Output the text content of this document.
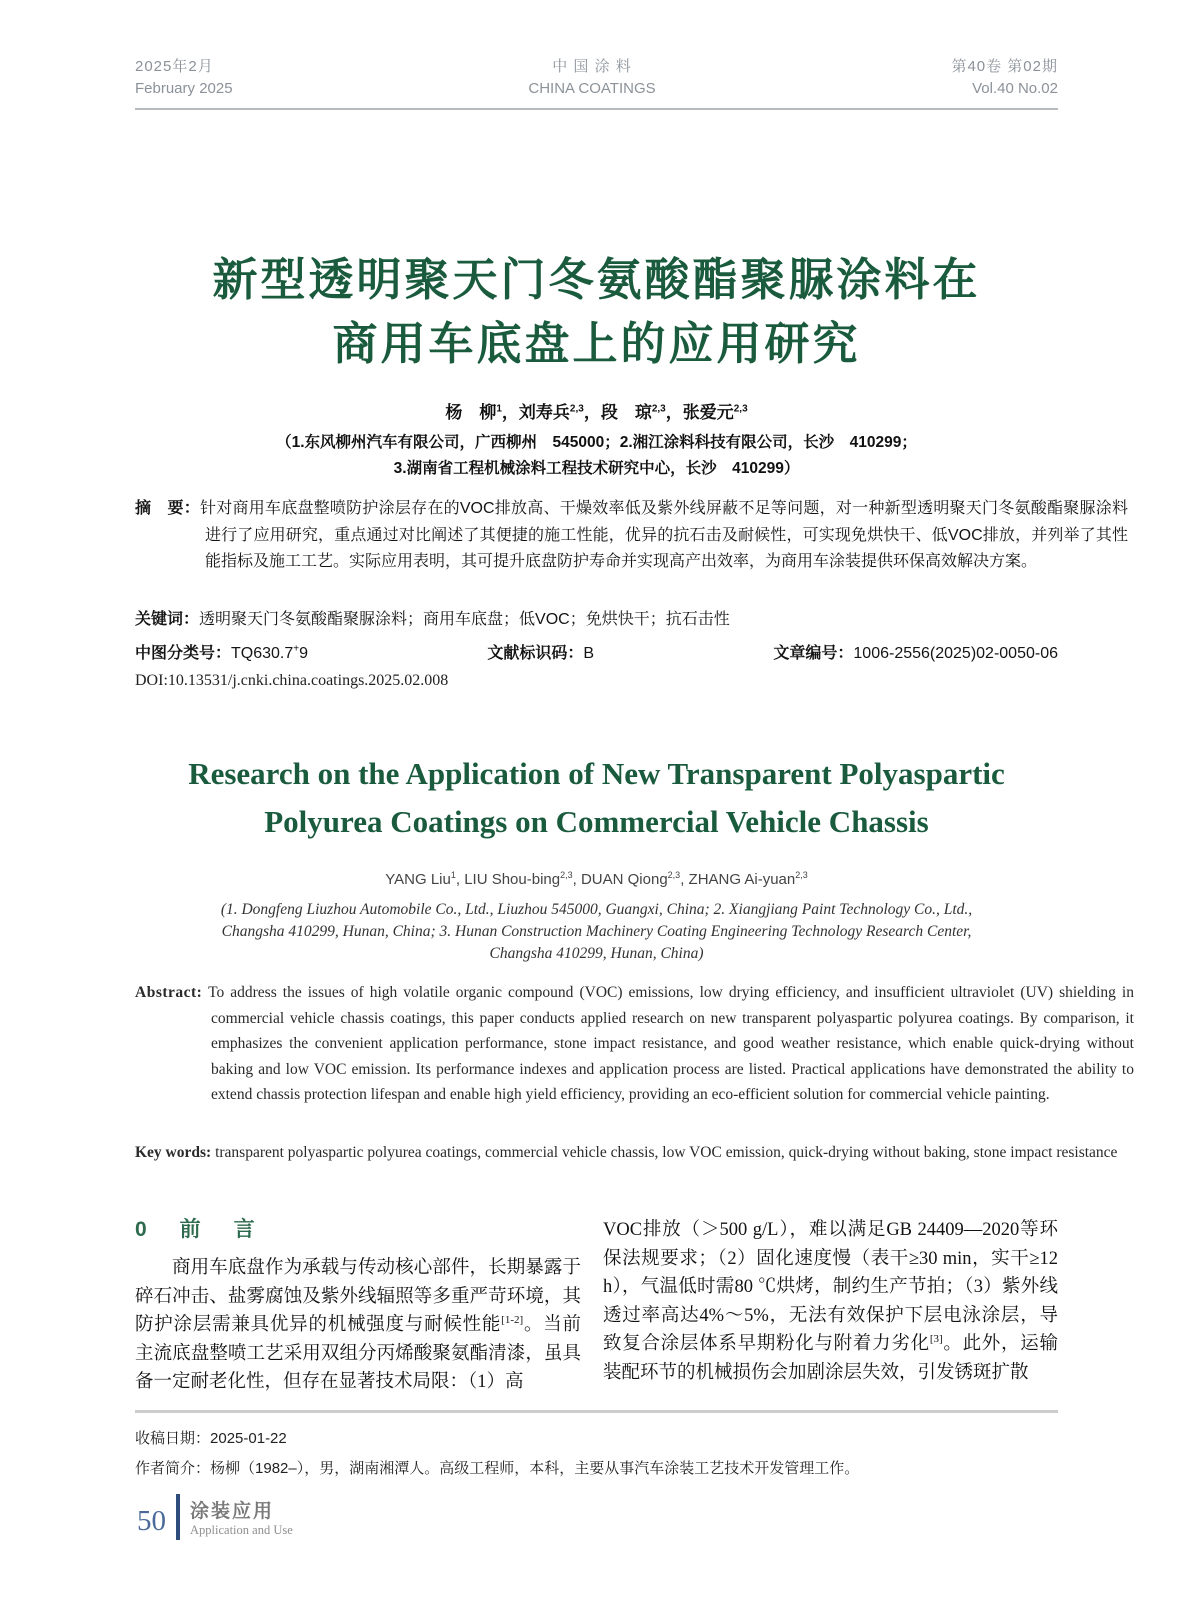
2025年2月
February 2025
中 国 涂 料
CHINA COATINGS
第40卷 第02期
Vol.40 No.02
新型透明聚天门冬氨酸酯聚脲涂料在
商用车底盘上的应用研究
杨　柳$^1$，刘寿兵$^{2,3}$，段　琼$^{2,3}$，张爱元$^{2,3}$
（1.东风柳州汽车有限公司，广西柳州　545000；2.湘江涂料科技有限公司，长沙　410299；
3.湖南省工程机械涂料工程技术研究中心，长沙　410299）
摘　要：针对商用车底盘整喷防护涂层存在的VOC排放高、干燥效率低及紫外线屏蔽不足等问题，对一种新型透明聚天门冬氨酸酯聚脲涂料进行了应用研究，重点通过对比阐述了其便捷的施工性能，优异的抗石击及耐候性，可实现免烘快干、低VOC排放，并列举了其性能指标及施工工艺。实际应用表明，其可提升底盘防护寿命并实现高产出效率，为商用车涂装提供环保高效解决方案。
关键词：透明聚天门冬氨酸酯聚脲涂料；商用车底盘；低VOC；免烘快干；抗石击性
中图分类号：TQ630.7+9	文献标识码：B	文章编号：1006-2556(2025)02-0050-06
DOI:10.13531/j.cnki.china.coatings.2025.02.008
Research on the Application of New Transparent Polyaspartic
Polyurea Coatings on Commercial Vehicle Chassis
YANG Liu$^1$, LIU Shou-bing$^{2,3}$, DUAN Qiong$^{2,3}$, ZHANG Ai-yuan$^{2,3}$
(1. Dongfeng Liuzhou Automobile Co., Ltd., Liuzhou 545000, Guangxi, China; 2. Xiangjiang Paint Technology Co., Ltd.,
Changsha 410299, Hunan, China; 3. Hunan Construction Machinery Coating Engineering Technology Research Center,
Changsha 410299, Hunan, China)
Abstract: To address the issues of high volatile organic compound (VOC) emissions, low drying efficiency, and insufficient ultraviolet (UV) shielding in commercial vehicle chassis coatings, this paper conducts applied research on new transparent polyaspartic polyurea coatings. By comparison, it emphasizes the convenient application performance, stone impact resistance, and good weather resistance, which enable quick-drying without baking and low VOC emission. Its performance indexes and application process are listed. Practical applications have demonstrated the ability to extend chassis protection lifespan and enable high yield efficiency, providing an eco-efficient solution for commercial vehicle painting.
Key words: transparent polyaspartic polyurea coatings, commercial vehicle chassis, low VOC emission, quick-drying without baking, stone impact resistance
0　前　言

商用车底盘作为承载与传动核心部件，长期暴露于碎石冲击、盐雾腐蚀及紫外线辐照等多重严苛环境，其防护涂层需兼具优异的机械强度与耐候性能[1-2]。当前主流底盘整喷工艺采用双组分丙烯酸聚氨酯清漆，虽具备一定耐老化性，但存在显著技术局限：（1）高

VOC排放（＞500 g/L），难以满足GB 24409—2020等环保法规要求；（2）固化速度慢（表干≥30 min，实干≥12 h），气温低时需80 ℃烘烤，制约生产节拍；（3）紫外线透过率高达4%～5%，无法有效保护下层电泳涂层，导致复合涂层体系早期粉化与附着力劣化[3]。此外，运输装配环节的机械损伤会加剧涂层失效，引发锈斑扩散

收稿日期：2025-01-22
作者简介：杨柳（1982–），男，湖南湘潭人。高级工程师，本科，主要从事汽车涂装工艺技术开发管理工作。
50 涂装应用
Application and Use
